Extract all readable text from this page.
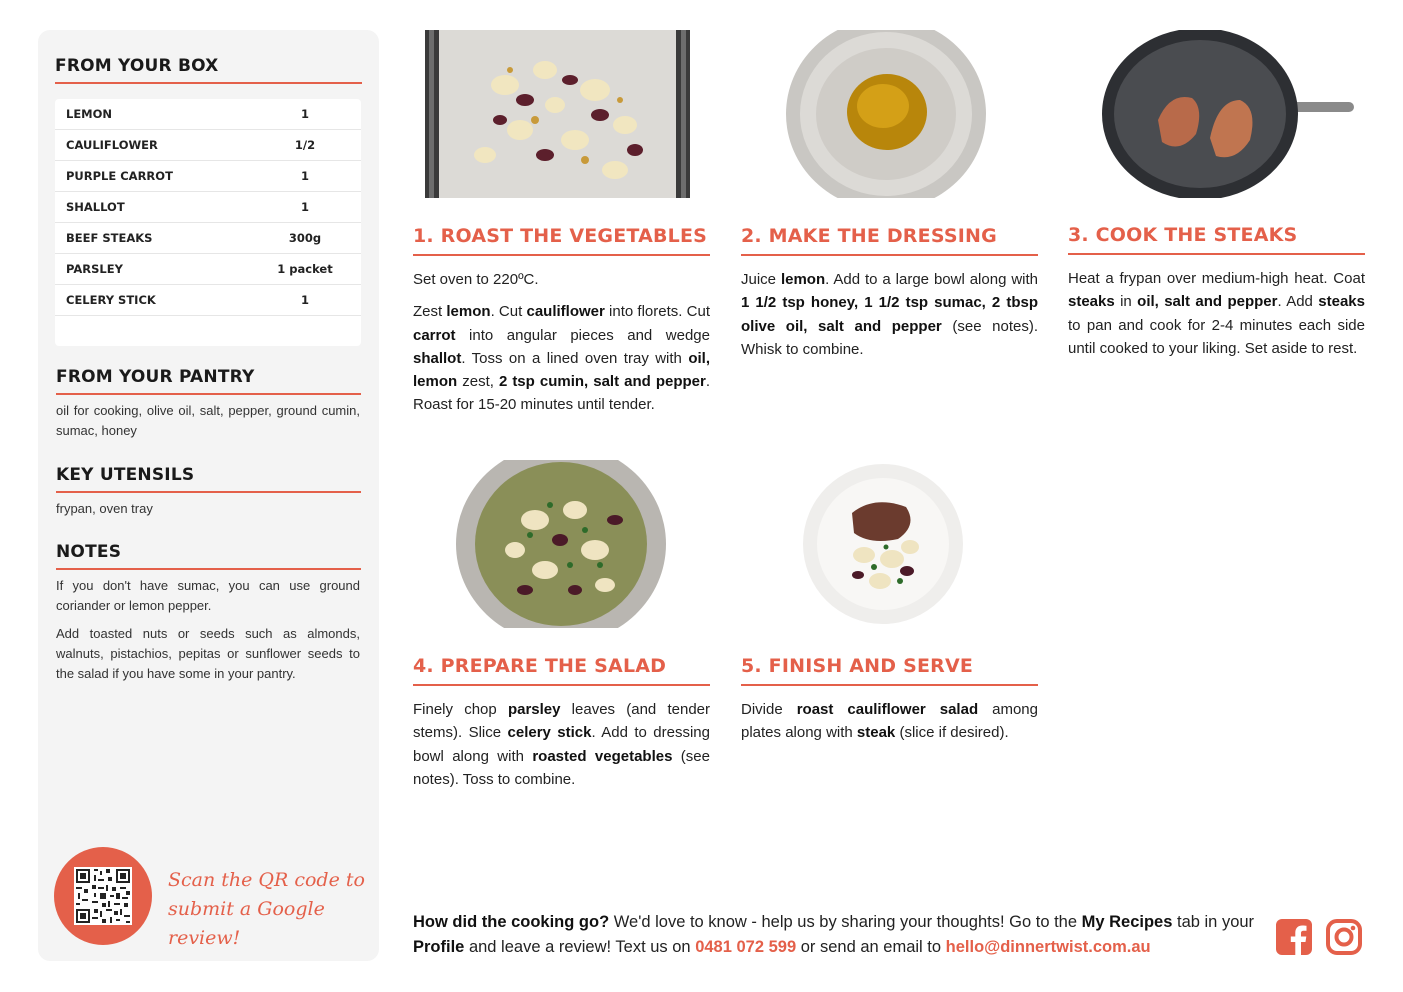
FROM YOUR BOX
LEMON	1
CAULIFLOWER	1/2
PURPLE CARROT	1
SHALLOT	1
BEEF STEAKS	300g
PARSLEY	1 packet
CELERY STICK	1
FROM YOUR PANTRY
oil for cooking, olive oil, salt, pepper, ground cumin, sumac, honey
KEY UTENSILS
frypan, oven tray
NOTES
If you don't have sumac, you can use ground coriander or lemon pepper.
Add toasted nuts or seeds such as almonds, walnuts, pistachios, pepitas or sunflower seeds to the salad if you have some in your pantry.
Scan the QR code to
submit a Google review!
1. ROAST THE VEGETABLES

Set oven to 220ºC.

Zest lemon. Cut cauliflower into florets. Cut carrot into angular pieces and wedge shallot. Toss on a lined oven tray with oil, lemon zest, 2 tsp cumin, salt and pepper. Roast for 15-20 minutes until tender.

2. MAKE THE DRESSING

Juice lemon. Add to a large bowl along with 1 1/2 tsp honey, 1 1/2 tsp sumac, 2 tbsp olive oil, salt and pepper (see notes). Whisk to combine.

3. COOK THE STEAKS

Heat a frypan over medium-high heat. Coat steaks in oil, salt and pepper. Add steaks to pan and cook for 2-4 minutes each side until cooked to your liking. Set aside to rest.

4. PREPARE THE SALAD

Finely chop parsley leaves (and tender stems). Slice celery stick. Add to dressing bowl along with roasted vegetables (see notes). Toss to combine.

5. FINISH AND SERVE

Divide roast cauliflower salad among plates along with steak (slice if desired).

How did the cooking go? We'd love to know - help us by sharing your thoughts! Go to the My Recipes tab in your Profile and leave a review! Text us on 0481 072 599 or send an email to hello@dinnertwist.com.au
